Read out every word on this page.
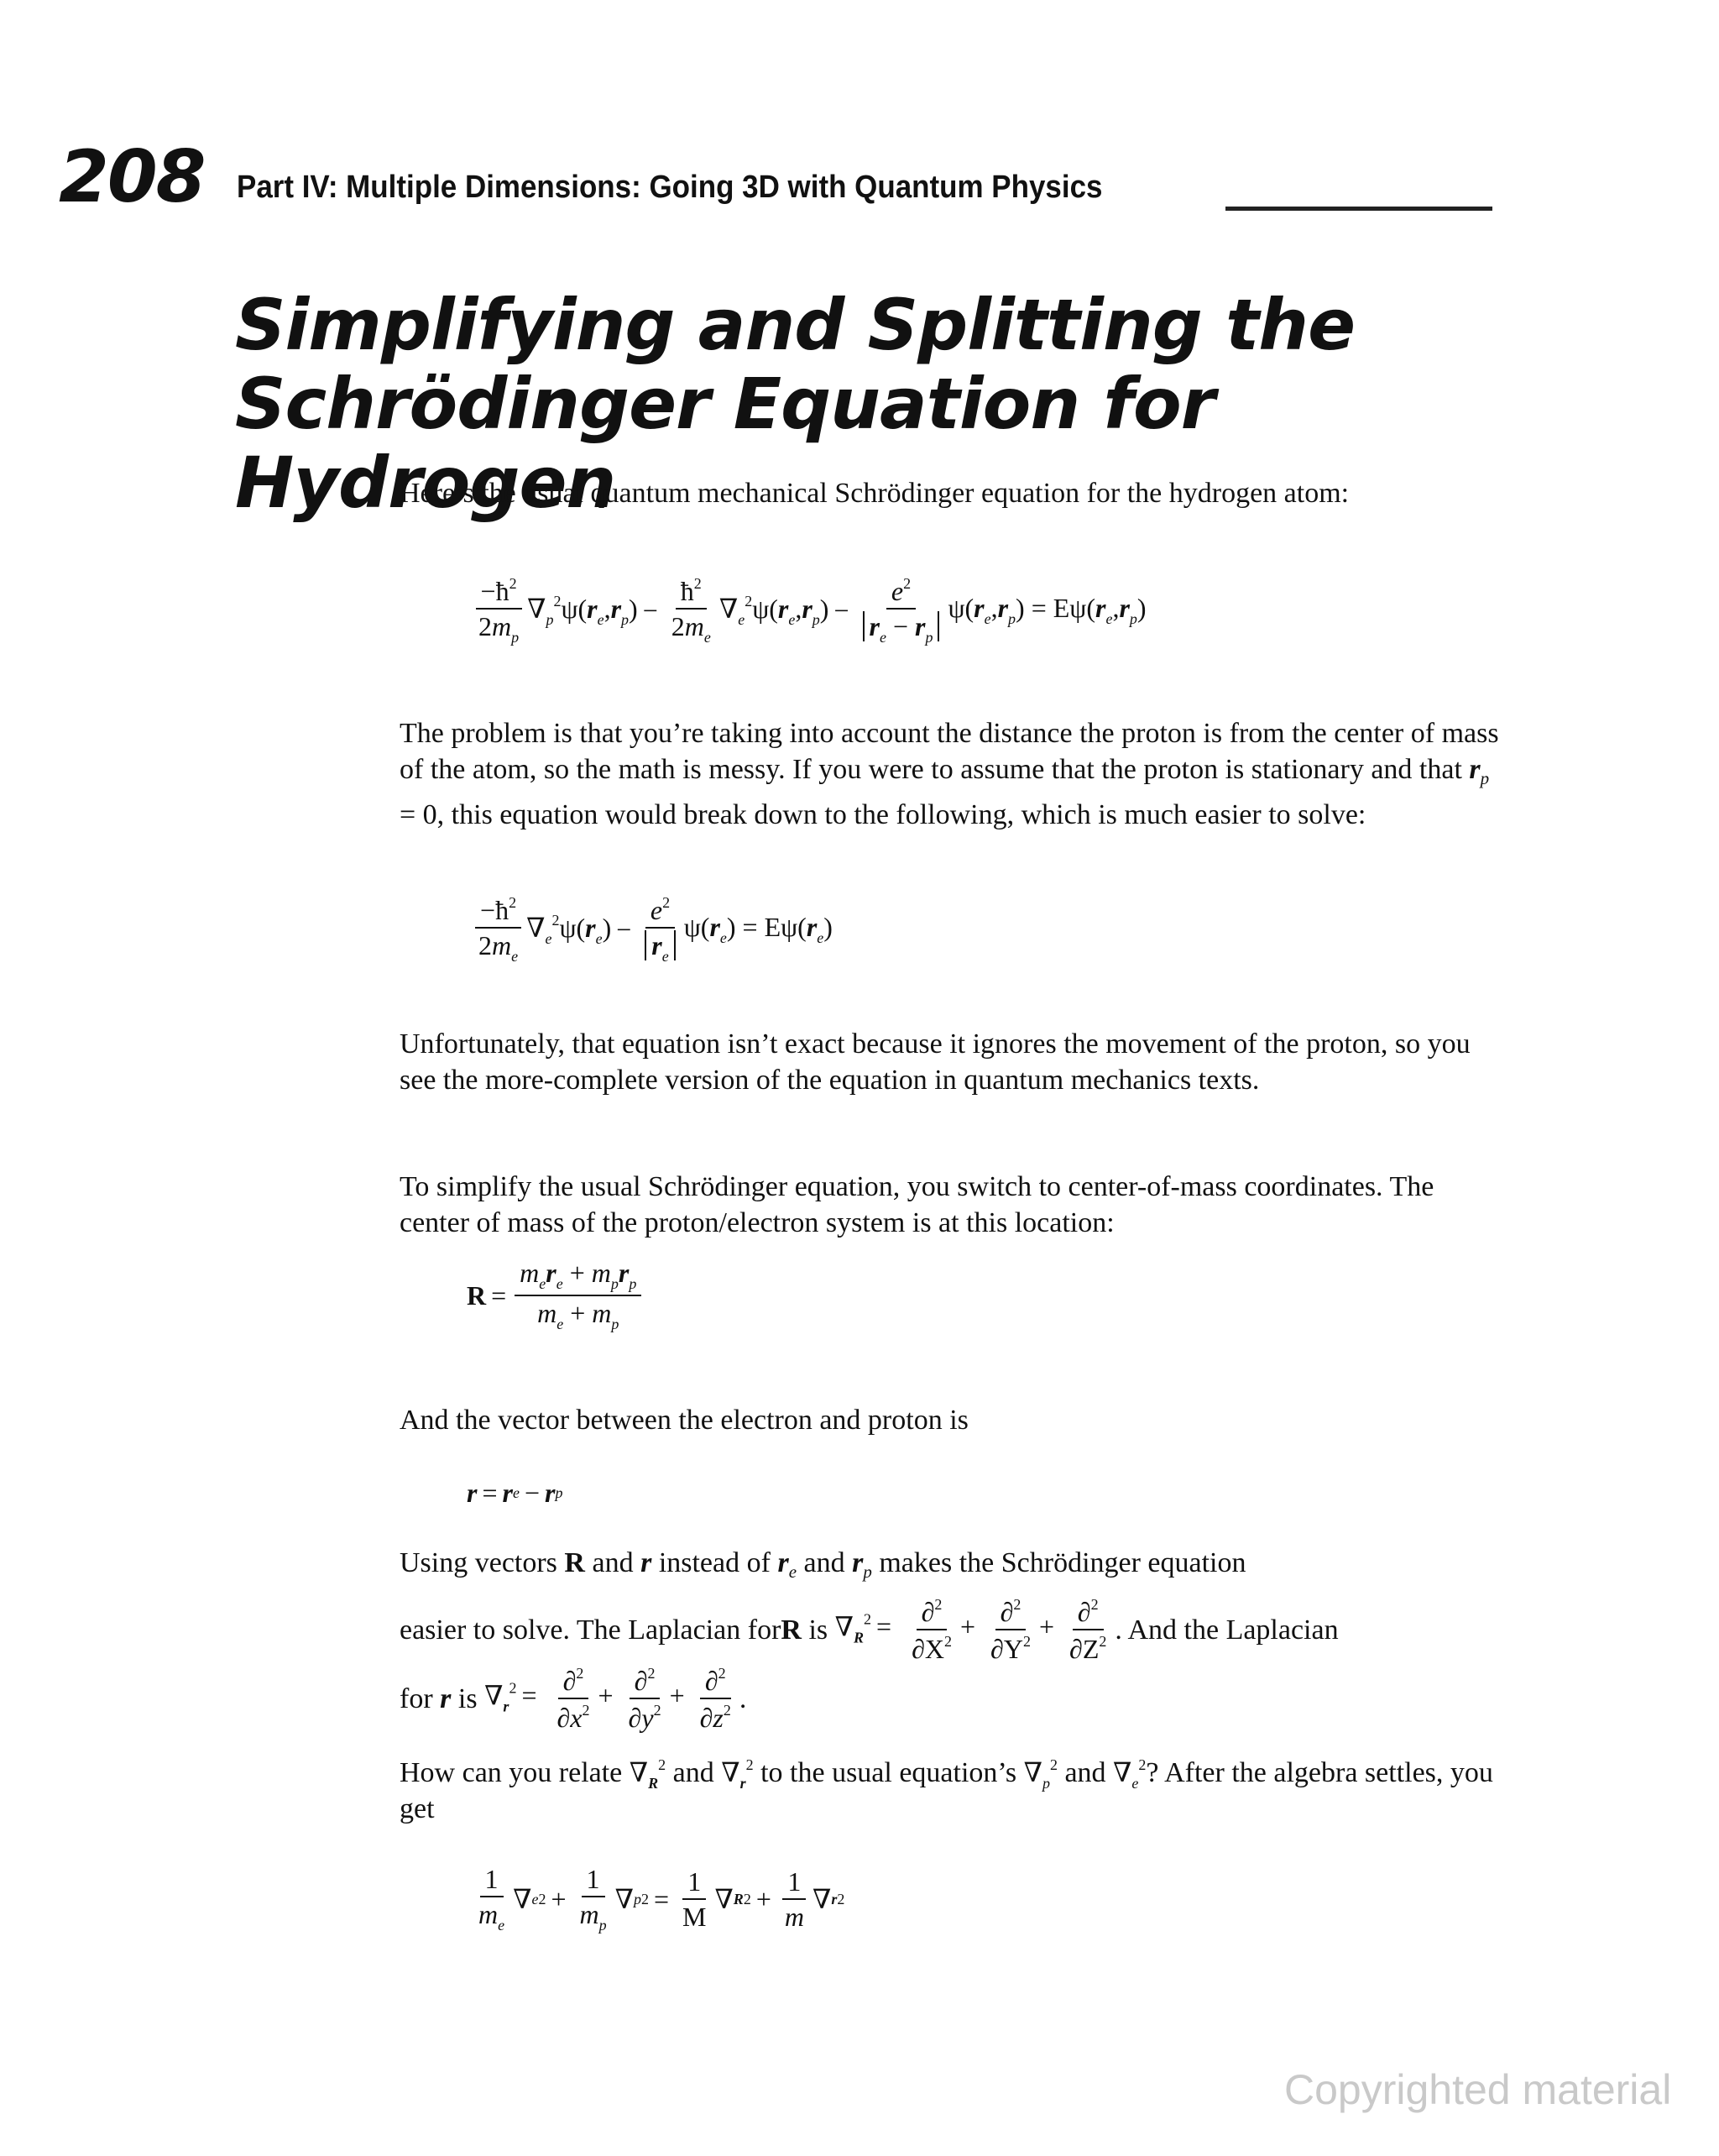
208 Part IV: Multiple Dimensions: Going 3D with Quantum Physics
Simplifying and Splitting the
Schrödinger Equation for Hydrogen
Here’s the usual quantum mechanical Schrödinger equation for the hydrogen atom:
$\frac{-ħ^2}{2m_p} \nabla_p^2\psi(r_e,r_p) - \frac{ħ^2}{2m_e} \nabla_e^2\psi(r_e,r_p) - \frac{e^2}{r_e - r_p} \psi(r_e,r_p) = E\psi(r_e,r_p)$
The problem is that you’re taking into account the distance the proton is from the center of mass of the atom, so the math is messy. If you were to assume that the proton is stationary and that $r_p = 0$, this equation would break down to the following, which is much easier to solve:
$\frac{-ħ^2}{2m_e} \nabla_e^2\psi(r_e) - \frac{e^2}{r_e} \psi(r_e) = E\psi(r_e)$
Unfortunately, that equation isn’t exact because it ignores the movement of the proton, so you see the more-complete version of the equation in quantum mechanics texts.
To simplify the usual Schrödinger equation, you switch to center-of-mass coordinates. The center of mass of the proton/electron system is at this location:
$R = \frac{m_er_e + m_pr_p}{m_e + m_p}$
And the vector between the electron and proton is
r = r e − r p
Using vectors R and r instead of $r_e$ and $r_p$ makes the Schrödinger equation
easier to solve. The Laplacian for R is $\nabla_R^2 = \frac{\partial^2}{\partial X^2} + \frac{\partial^2}{\partial Y^2} + \frac{\partial^2}{\partial Z^2}$ . And the Laplacian
for r is $\nabla_r^2 = \frac{\partial^2}{\partial x^2} + \frac{\partial^2}{\partial y^2} + \frac{\partial^2}{\partial z^2}$ .
How can you relate $\nabla_R^2$ and $\nabla_r^2$ to the usual equation’s $\nabla_p^2$ and $\nabla_e^2$? After the algebra settles, you get
$\frac{1}{m_e}$ ∇ e $2 + \frac{1}{m_p}$ ∇ p $2 = \frac{1}{M}$ ∇ R $2 + \frac{1}{m}$ ∇ r 2
Copyrighted material
